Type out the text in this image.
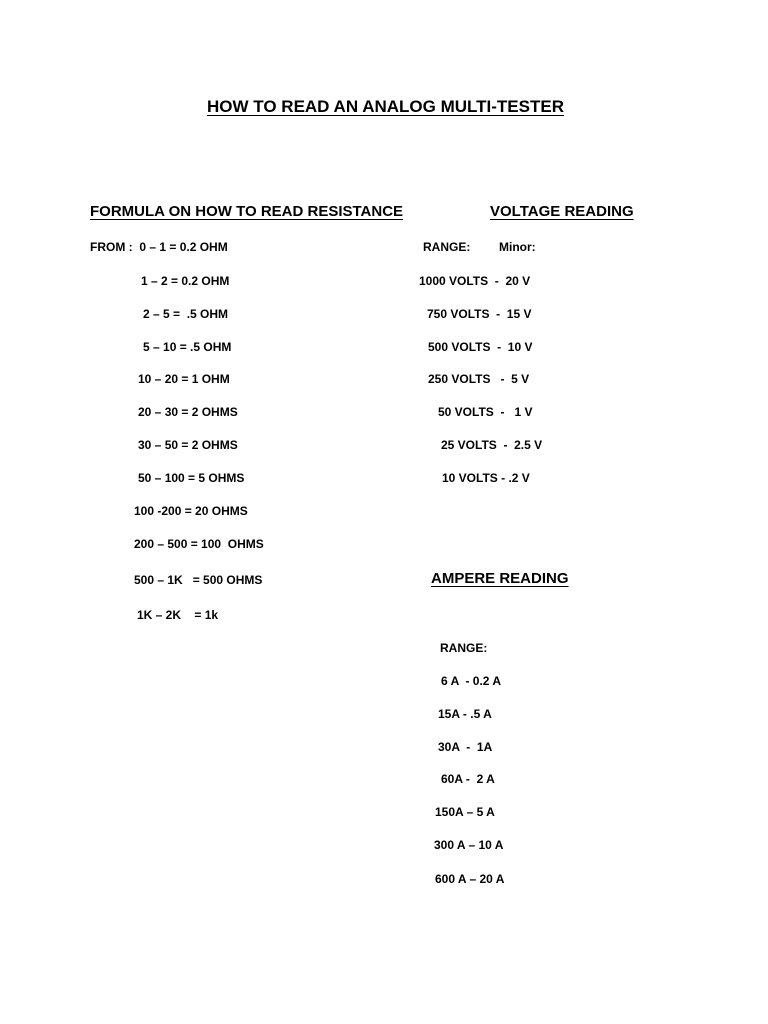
HOW TO READ AN ANALOG MULTI-TESTER
FORMULA ON HOW TO READ RESISTANCE
FROM :  0 – 1 = 0.2 OHM
1 – 2 = 0.2 OHM
2 – 5 =  .5 OHM
5 – 10 = .5 OHM
10 – 20 = 1 OHM
20 – 30 = 2 OHMS
30 – 50 = 2 OHMS
50 – 100 = 5 OHMS
100 -200 = 20 OHMS
200 – 500 = 100  OHMS
500 – 1K   = 500 OHMS
1K – 2K    = 1k
VOLTAGE READING
RANGE: Minor:
1000 VOLTS  -  20 V
750 VOLTS  -  15 V
500 VOLTS  -  10 V
250 VOLTS   -  5 V
50 VOLTS  -   1 V
25 VOLTS  -  2.5 V
10 VOLTS - .2 V
AMPERE READING
RANGE:
6 A  - 0.2 A
15A - .5 A
30A  -  1A
60A -  2 A
150A – 5 A
300 A – 10 A
600 A – 20 A
